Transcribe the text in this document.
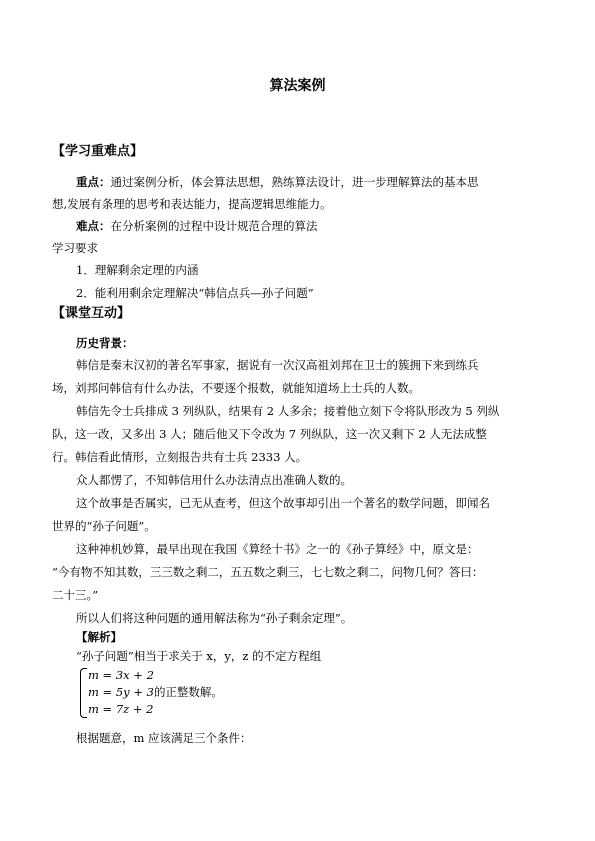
算法案例
【学习重难点】
重点：通过案例分析，体会算法思想，熟练算法设计，进一步理解算法的基本思
想,发展有条理的思考和表达能力，提高逻辑思维能力。
难点：在分析案例的过程中设计规范合理的算法
学习要求
1．理解剩余定理的内涵
2．能利用剩余定理解决“韩信点兵—孙子问题”
【课堂互动】
历史背景：
韩信是秦末汉初的著名军事家，据说有一次汉高祖刘邦在卫士的簇拥下来到练兵
场，刘邦问韩信有什么办法，不要逐个报数，就能知道场上士兵的人数。
韩信先令士兵排成 3 列纵队，结果有 2 人多余；接着他立刻下令将队形改为 5 列纵
队，这一改，又多出 3 人；随后他又下令改为 7 列纵队，这一次又剩下 2 人无法成整
行。韩信看此情形，立刻报告共有士兵 2333 人。
众人都愣了，不知韩信用什么办法清点出准确人数的。
这个故事是否属实，已无从查考，但这个故事却引出一个著名的数学问题，即闻名
世界的“孙子问题”。
这种神机妙算，最早出现在我国《算经十书》之一的《孙子算经》中，原文是：
“今有物不知其数，三三数之剩二，五五数之剩三，七七数之剩二，问物几何？答曰：
二十三。”
所以人们将这种问题的通用解法称为“孙子剩余定理”。
【解析】
“孙子问题”相当于求关于 x，y，z 的不定方程组
m = 3x + 2
m = 5y + 3的正整数解。
m = 7z + 2
根据题意，m 应该满足三个条件：
